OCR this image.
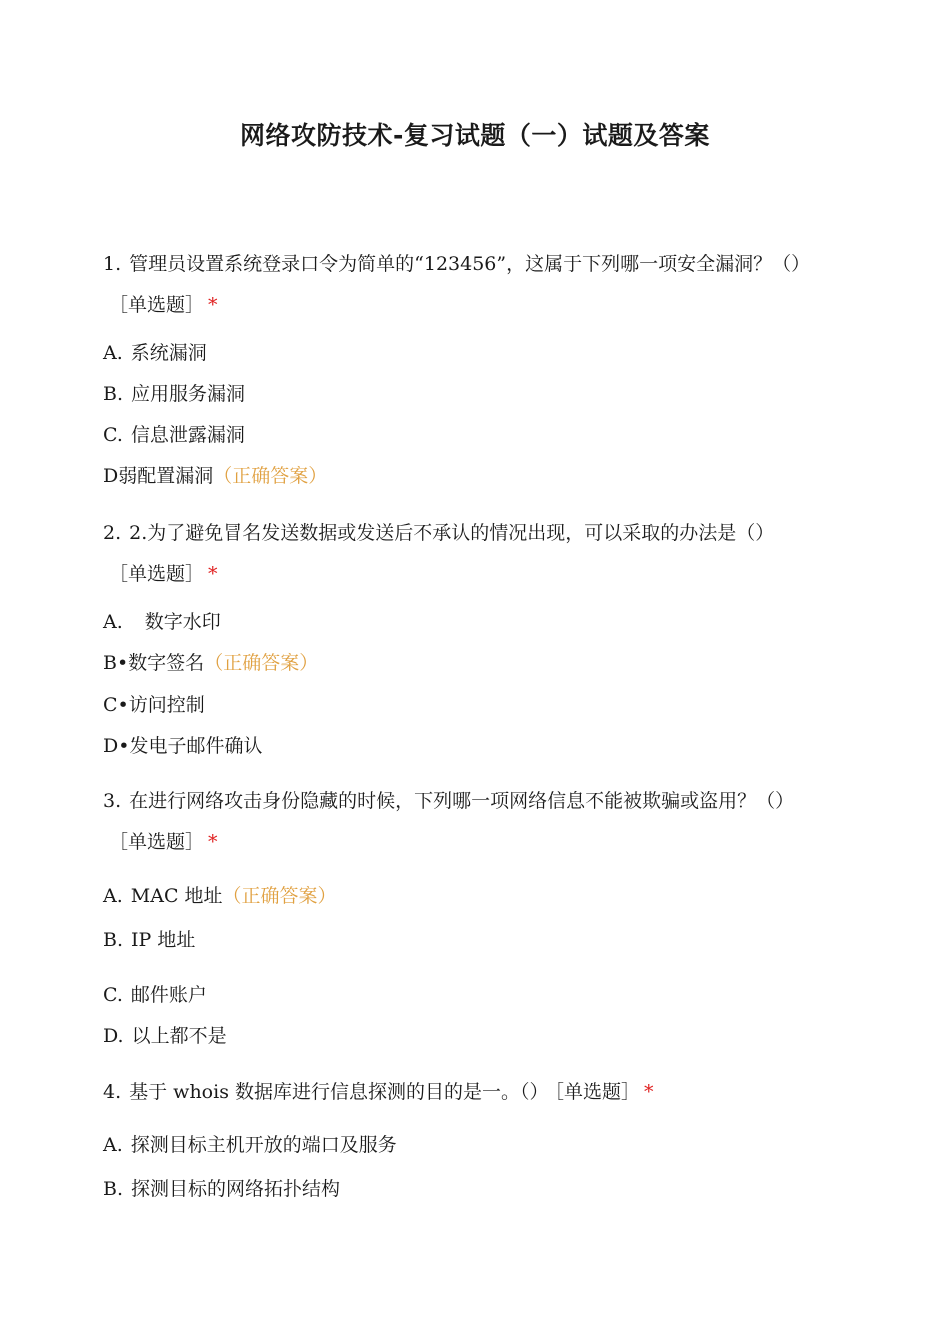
网络攻防技术-复习试题（一）试题及答案
1. 管理员设置系统登录口令为简单的“123456”，这属于下列哪一项安全漏洞？（）
［单选题］ *
A. 系统漏洞
B. 应用服务漏洞
C. 信息泄露漏洞
D弱配置漏洞（正确答案）
2. 2.为了避免冒名发送数据或发送后不承认的情况出现，可以采取的办法是（）
［单选题］ *
A. 数字水印
B•数字签名（正确答案）
C•访问控制
D•发电子邮件确认
3. 在进行网络攻击身份隐藏的时候，下列哪一项网络信息不能被欺骗或盗用？（）
［单选题］ *
A. MAC 地址（正确答案）
B. IP 地址
C. 邮件账户
D. 以上都不是
4. 基于 whois 数据库进行信息探测的目的是一。（） ［单选题］ *
A. 探测目标主机开放的端口及服务
B. 探测目标的网络拓扑结构
